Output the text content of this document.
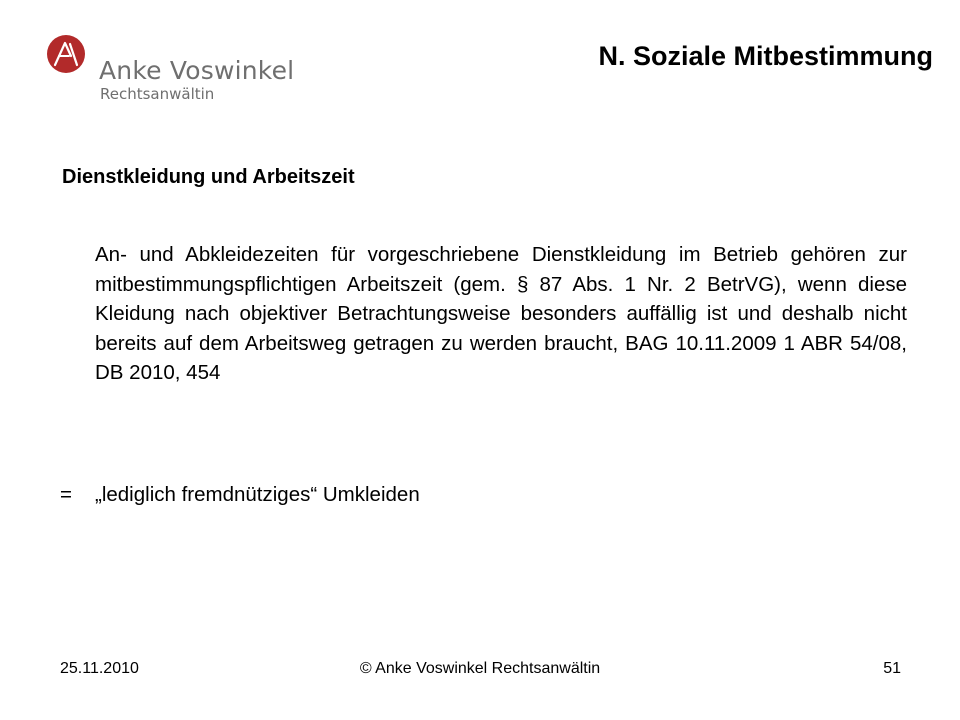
Anke Voswinkel
Rechtsanwältin
N. Soziale Mitbestimmung
Dienstkleidung und Arbeitszeit

An- und Abkleidezeiten für vorgeschriebene Dienstkleidung im Betrieb gehören zur mitbestimmungspflichtigen Arbeitszeit (gem. § 87 Abs. 1 Nr. 2 BetrVG), wenn diese Kleidung nach objektiver Betrachtungsweise besonders auffällig ist und deshalb nicht bereits auf dem Arbeitsweg getragen zu werden braucht, BAG 10.11.2009 1 ABR 54/08, DB 2010, 454

= „lediglich fremdnütziges“ Umkleiden
25.11.2010	© Anke Voswinkel Rechtsanwältin	51
